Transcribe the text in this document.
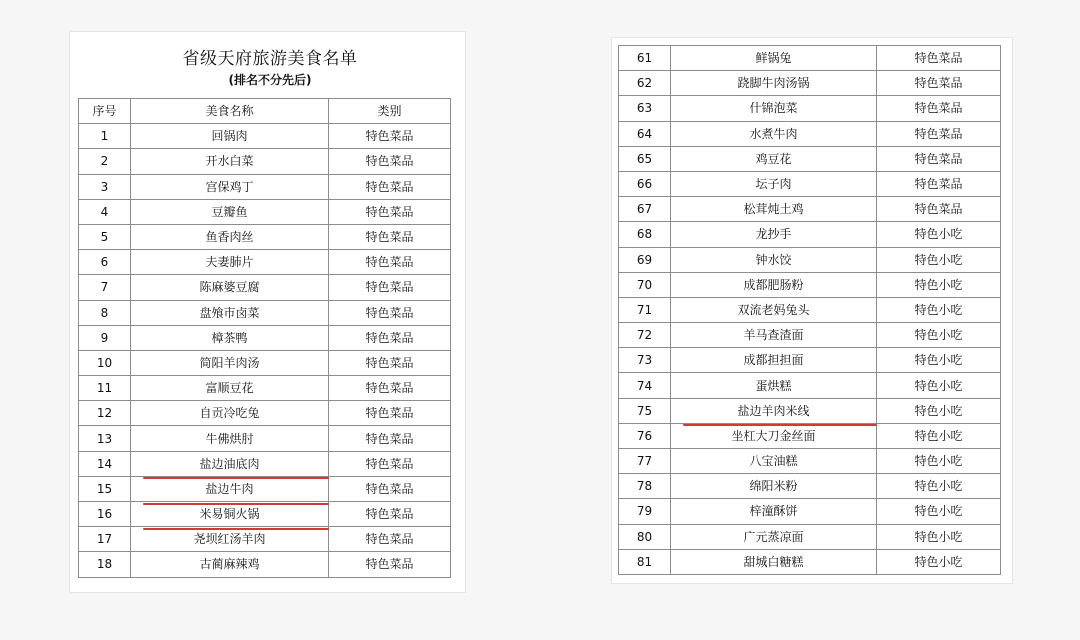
省级天府旅游美食名单
(排名不分先后)
序号	美食名称	类别
1	回锅肉	特色菜品
2	开水白菜	特色菜品
3	宫保鸡丁	特色菜品
4	豆瓣鱼	特色菜品
5	鱼香肉丝	特色菜品
6	夫妻肺片	特色菜品
7	陈麻婆豆腐	特色菜品
8	盘飧市卤菜	特色菜品
9	樟茶鸭	特色菜品
10	简阳羊肉汤	特色菜品
11	富顺豆花	特色菜品
12	自贡冷吃兔	特色菜品
13	牛佛烘肘	特色菜品
14	盐边油底肉	特色菜品
15	盐边牛肉	特色菜品
16	米易铜火锅	特色菜品
17	尧坝红汤羊肉	特色菜品
18	古蔺麻辣鸡	特色菜品
61	鲜锅兔	特色菜品
62	跷脚牛肉汤锅	特色菜品
63	什锦泡菜	特色菜品
64	水煮牛肉	特色菜品
65	鸡豆花	特色菜品
66	坛子肉	特色菜品
67	松茸炖土鸡	特色菜品
68	龙抄手	特色小吃
69	钟水饺	特色小吃
70	成都肥肠粉	特色小吃
71	双流老妈兔头	特色小吃
72	羊马查渣面	特色小吃
73	成都担担面	特色小吃
74	蛋烘糕	特色小吃
75	盐边羊肉米线	特色小吃
76	坐杠大刀金丝面	特色小吃
77	八宝油糕	特色小吃
78	绵阳米粉	特色小吃
79	梓潼酥饼	特色小吃
80	广元蒸凉面	特色小吃
81	甜城白糖糕	特色小吃
